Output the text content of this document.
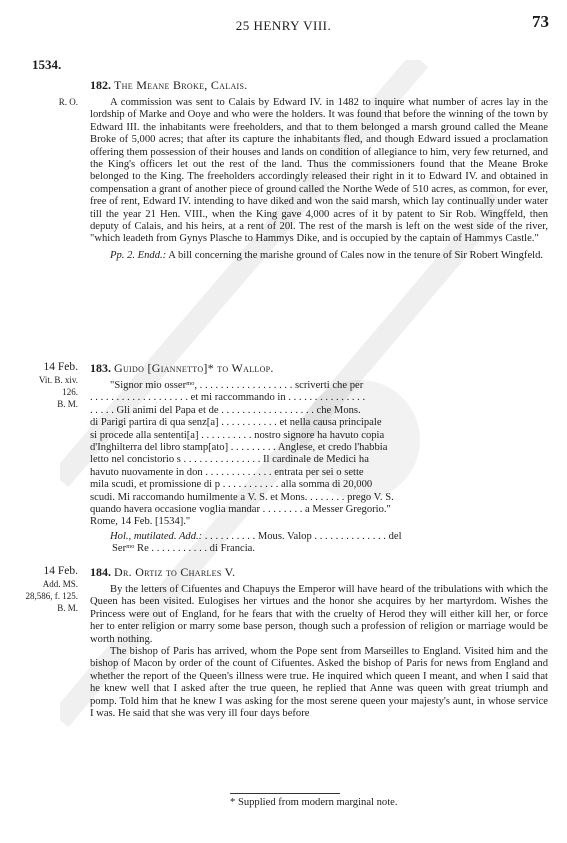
25 HENRY VIII.	73
1534.
R. O.
182. The Meane Broke, Calais.

A commission was sent to Calais by Edward IV. in 1482 to inquire what number of acres lay in the lordship of Marke and Ooye and who were the holders. It was found that before the winning of the town by Edward III. the inhabitants were freeholders, and that to them belonged a marsh ground called the Meane Broke of 5,000 acres; that after its capture the inhabitants fled, and though Edward issued a proclamation offering them possession of their houses and lands on condition of allegiance to him, very few returned, and the King's officers let out the rest of the land. Thus the commissioners found that the Meane Broke belonged to the King. The freeholders accordingly released their right in it to Edward IV. and obtained in compensation a grant of another piece of ground called the Northe Wede of 510 acres, as common, for ever, free of rent, Edward IV. intending to have diked and won the said marsh, which lay continually under water till the year 21 Hen. VIII., when the King gave 4,000 acres of it by patent to Sir Rob. Wingffeld, then deputy of Calais, and his heirs, at a rent of 20l. The rest of the marsh is left on the west side of the river, "which leadeth from Gynys Plasche to Hammys Dike, and is occupied by the captain of Hammys Castle."

Pp. 2. Endd.: A bill concerning the marishe ground of Cales now in the tenure of Sir Robert Wingfeld.

14 Feb.
Vit. B. xiv.
126.
B. M.
183. Guido [Giannetto]* to Wallop.
"Signor mio osserᵐᵒ, . . . . . . . . . . . . . . . . . . scriverti che per
. . . . . . . . . . . . . . . . . . . et mi raccommando in . . . . . . . . . . . . . . .
. . . . . Gli animi del Papa et de . . . . . . . . . . . . . . . . . . che Mons.
di Parigi partira di qua senz[a] . . . . . . . . . . . et nella causa principale
si procede alla sententi[a] . . . . . . . . . . nostro signore ha havuto copia
d'Inghilterra del libro stamp[ato] . . . . . . . . . Anglese, et credo l'habbia
letto nel concistorio s . . . . . . . . . . . . . . . Il cardinale de Medici ha
havuto nuovamente in don . . . . . . . . . . . . . entrata per sei o sette
mila scudi, et promissione di p . . . . . . . . . . . alla somma di 20,000
scudi. Mi raccomando humilmente a V. S. et Mons. . . . . . . . prego V. S.
quando havera occasione voglia mandar . . . . . . . . a Messer Gregorio."
Rome, 14 Feb. [1534]."

Hol., mutilated. Add.: . . . . . . . . . . Mous. Valop . . . . . . . . . . . . . . del

Serᵐᵒ Re . . . . . . . . . . . di Francia.

14 Feb.
Add. MS.
28,586, f. 125.
B. M.
184. Dr. Ortiz to Charles V.

By the letters of Cifuentes and Chapuys the Emperor will have heard of the tribulations with which the Queen has been visited. Eulogises her virtues and the honor she acquires by her martyrdom. Wishes the Princess were out of England, for he fears that with the cruelty of Herod they will either kill her, or force her to enter religion or marry some base person, though such a profession of religion or marriage would be worth nothing.

The bishop of Paris has arrived, whom the Pope sent from Marseilles to England. Visited him and the bishop of Macon by order of the count of Cifuentes. Asked the bishop of Paris for news from England and whether the report of the Queen's illness were true. He inquired which queen I meant, and when I said that he knew well that I asked after the true queen, he replied that Anne was queen with great triumph and pomp. Told him that he knew I was asking for the most serene queen your majesty's aunt, in whose service I was. He said that she was very ill four days before

* Supplied from modern marginal note.
